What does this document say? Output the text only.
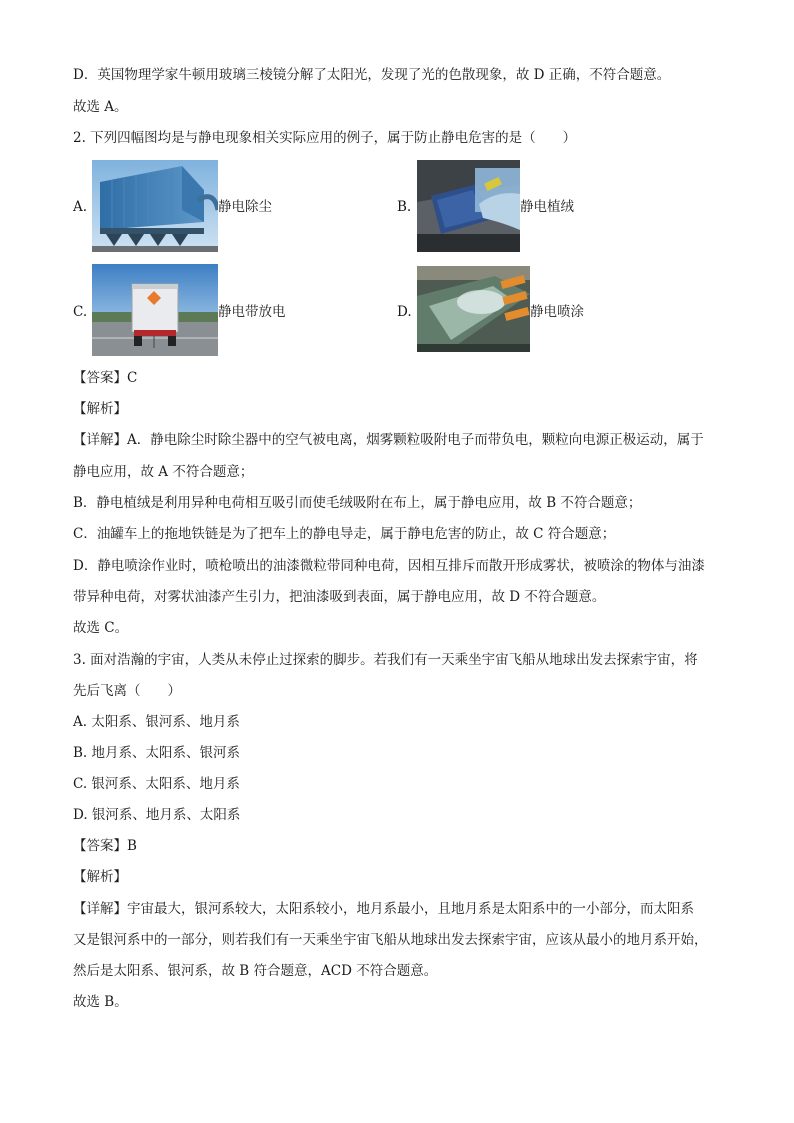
D．英国物理学家牛顿用玻璃三棱镜分解了太阳光，发现了光的色散现象，故 D 正确，不符合题意。
故选 A。
2. 下列四幅图均是与静电现象相关实际应用的例子，属于防止静电危害的是（　　）
A.	静电除尘	B.	静电植绒
C.	静电带放电	D.	静电喷涂
【答案】C
【解析】
【详解】A．静电除尘时除尘器中的空气被电离，烟雾颗粒吸附电子而带负电，颗粒向电源正极运动，属于
静电应用，故 A 不符合题意；
B．静电植绒是利用异种电荷相互吸引而使毛绒吸附在布上，属于静电应用，故 B 不符合题意；
C．油罐车上的拖地铁链是为了把车上的静电导走，属于静电危害的防止，故 C 符合题意；
D．静电喷涂作业时，喷枪喷出的油漆微粒带同种电荷，因相互排斥而散开形成雾状，被喷涂的物体与油漆
带异种电荷，对雾状油漆产生引力，把油漆吸到表面，属于静电应用，故 D 不符合题意。
故选 C。
3. 面对浩瀚的宇宙，人类从未停止过探索的脚步。若我们有一天乘坐宇宙飞船从地球出发去探索宇宙，将
先后飞离（　　）
A. 太阳系、银河系、地月系
B. 地月系、太阳系、银河系
C. 银河系、太阳系、地月系
D. 银河系、地月系、太阳系
【答案】B
【解析】
【详解】宇宙最大，银河系较大，太阳系较小，地月系最小，且地月系是太阳系中的一小部分，而太阳系
又是银河系中的一部分，则若我们有一天乘坐宇宙飞船从地球出发去探索宇宙，应该从最小的地月系开始，
然后是太阳系、银河系，故 B 符合题意，ACD 不符合题意。
故选 B。
